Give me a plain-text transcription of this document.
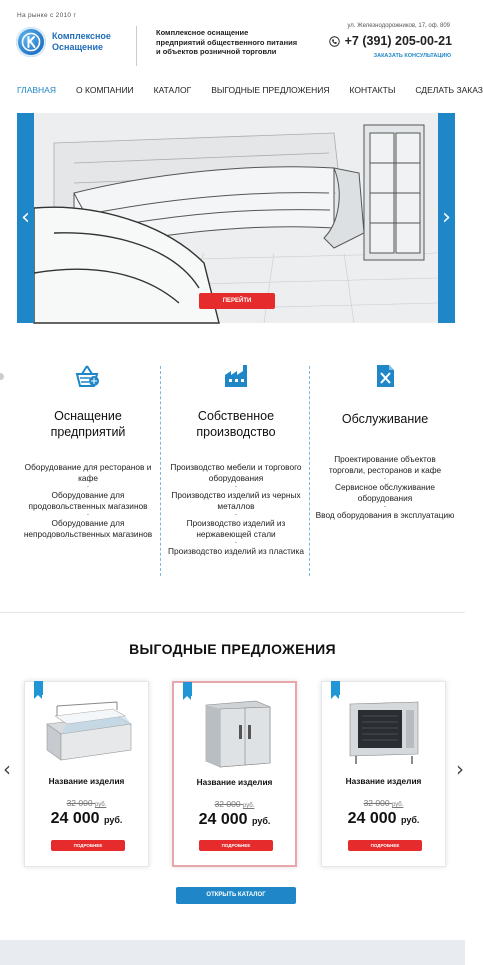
На рынке с 2010 г
Комплексное
Оснащение
Комплексное оснащение
предприятий общественного питания
и объектов розничной торговли
ул. Железнодорожников, 17, оф. 809
+7 (391) 205-00-21
ЗАКАЗАТЬ КОНСУЛЬТАЦИЮ
ГЛАВНАЯ О КОМПАНИИ КАТАЛОГ ВЫГОДНЫЕ ПРЕДЛОЖЕНИЯ КОНТАКТЫ СДЕЛАТЬ ЗАКАЗ
‹	›
ПЕРЕЙТИ
Оснащение
предприятий
Оборудование для ресторанов и кафе
·
Оборудование для продовольственных магазинов
·
Оборудование для непродовольственных магазинов
Собственное
производство
Производство мебели и торгового оборудования
·
Производство изделий из черных металлов
·
Производство изделий из нержавеющей стали
·
Производство изделий из пластика
Обслуживание
Проектирование объектов торговли, ресторанов и кафе
·
Сервисное обслуживание оборудования
·
Ввод оборудования в эксплуатацию
ВЫГОДНЫЕ ПРЕДЛОЖЕНИЯ
‹	›
Название изделия
32 000 руб.
24 000 руб.
ПОДРОБНЕЕ
Название изделия
32 000 руб.
24 000 руб.
ПОДРОБНЕЕ
Название изделия
32 000 руб.
24 000 руб.
ПОДРОБНЕЕ
ОТКРЫТЬ КАТАЛОГ
